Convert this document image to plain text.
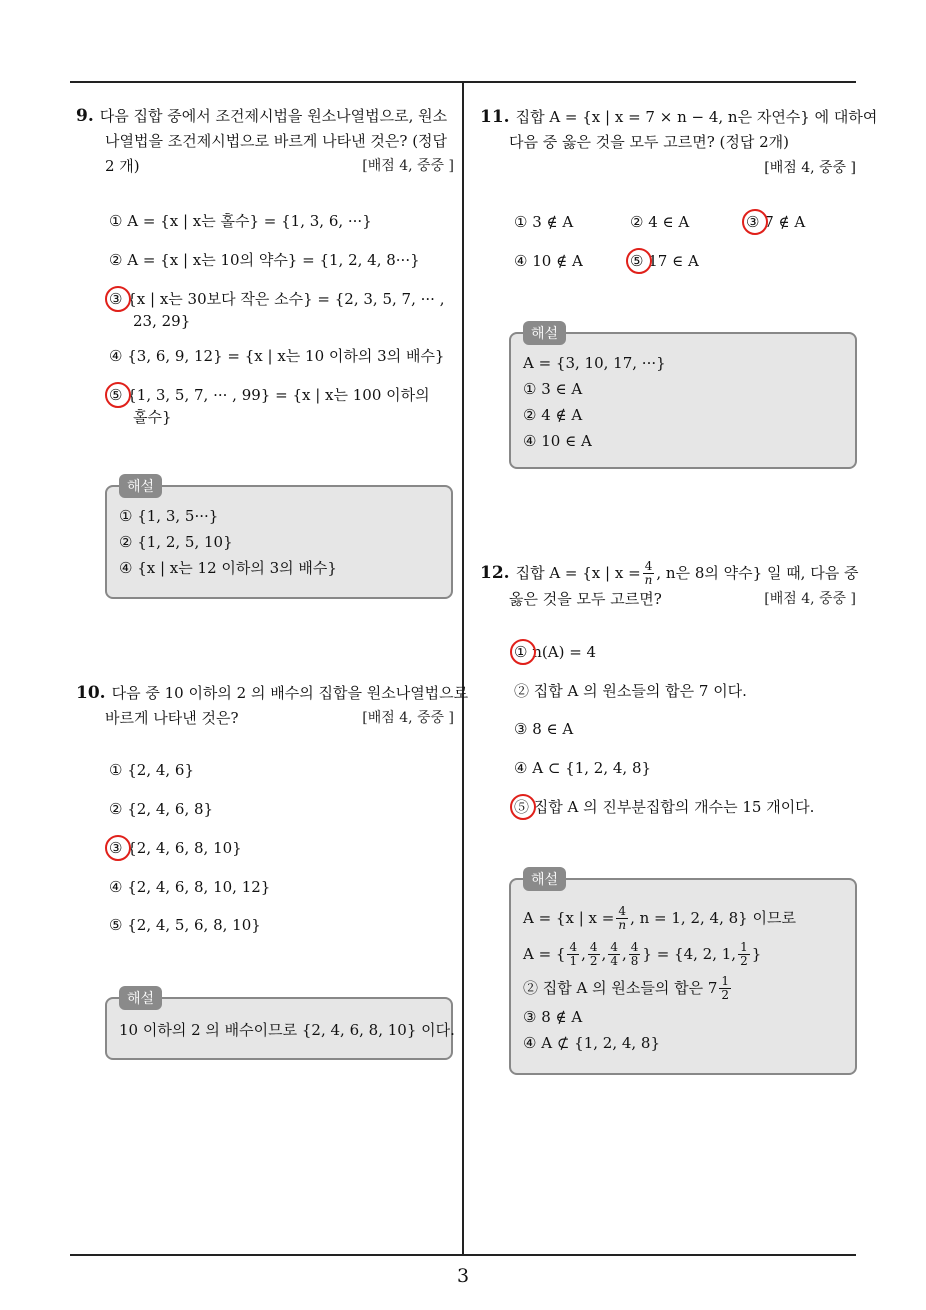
9. 다음 집합 중에서 조건제시법을 원소나열법으로, 원소
나열법을 조건제시법으로 바르게 나타낸 것은? (정답
2 개)	[배점 4, 중중 ]
① A = {x | x는 홀수} = {1, 3, 6, ···}
② A = {x | x는 10의 약수} = {1, 2, 4, 8···}
③ {x | x는 30보다 작은 소수} = {2, 3, 5, 7, ··· ,
23, 29}
④ {3, 6, 9, 12} = {x | x는 10 이하의 3의 배수}
⑤ {1, 3, 5, 7, ··· , 99} = {x | x는 100 이하의
홀수}
해설
① {1, 3, 5···}
② {1, 2, 5, 10}
④ {x | x는 12 이하의 3의 배수}
10. 다음 중 10 이하의 2 의 배수의 집합을 원소나열법으로
바르게 나타낸 것은?	[배점 4, 중중 ]
① {2, 4, 6}
② {2, 4, 6, 8}
③ {2, 4, 6, 8, 10}
④ {2, 4, 6, 8, 10, 12}
⑤ {2, 4, 5, 6, 8, 10}
해설
10 이하의 2 의 배수이므로 {2, 4, 6, 8, 10} 이다.
11. 집합 A = {x | x = 7 × n − 4, n은 자연수} 에 대하여
다음 중 옳은 것을 모두 고르면? (정답 2개)
[배점 4, 중중 ]
① 3 ∉ A	② 4 ∈ A	③ 7 ∉ A
④ 10 ∉ A	⑤ 17 ∈ A
해설
A = {3, 10, 17, ···}
① 3 ∈ A
② 4 ∉ A
④ 10 ∈ A
12. 집합 A = {x | $x = \frac{4}{n}$ , n은 8의 약수} 일 때, 다음 중
옳은 것을 모두 고르면?	[배점 4, 중중 ]
① n(A) = 4
② 집합 A 의 원소들의 합은 7 이다.
③ 8 ∈ A
④ A ⊂ {1, 2, 4, 8}
⑤ 집합 A 의 진부분집합의 개수는 15 개이다.
해설
A = {x | $x = \frac{4}{n}$ , n = 1, 2, 4, 8} 이므로
A = { $\frac{4}{1}$ , $\frac{4}{2}$ , $\frac{4}{4}$ , $\frac{4}{8}$ } = {4, 2, 1, $\frac{1}{2}$ }
② 집합 A 의 원소들의 합은 $7 \frac{1}{2}$
③ 8 ∉ A
④ A ⊄ {1, 2, 4, 8}
3
